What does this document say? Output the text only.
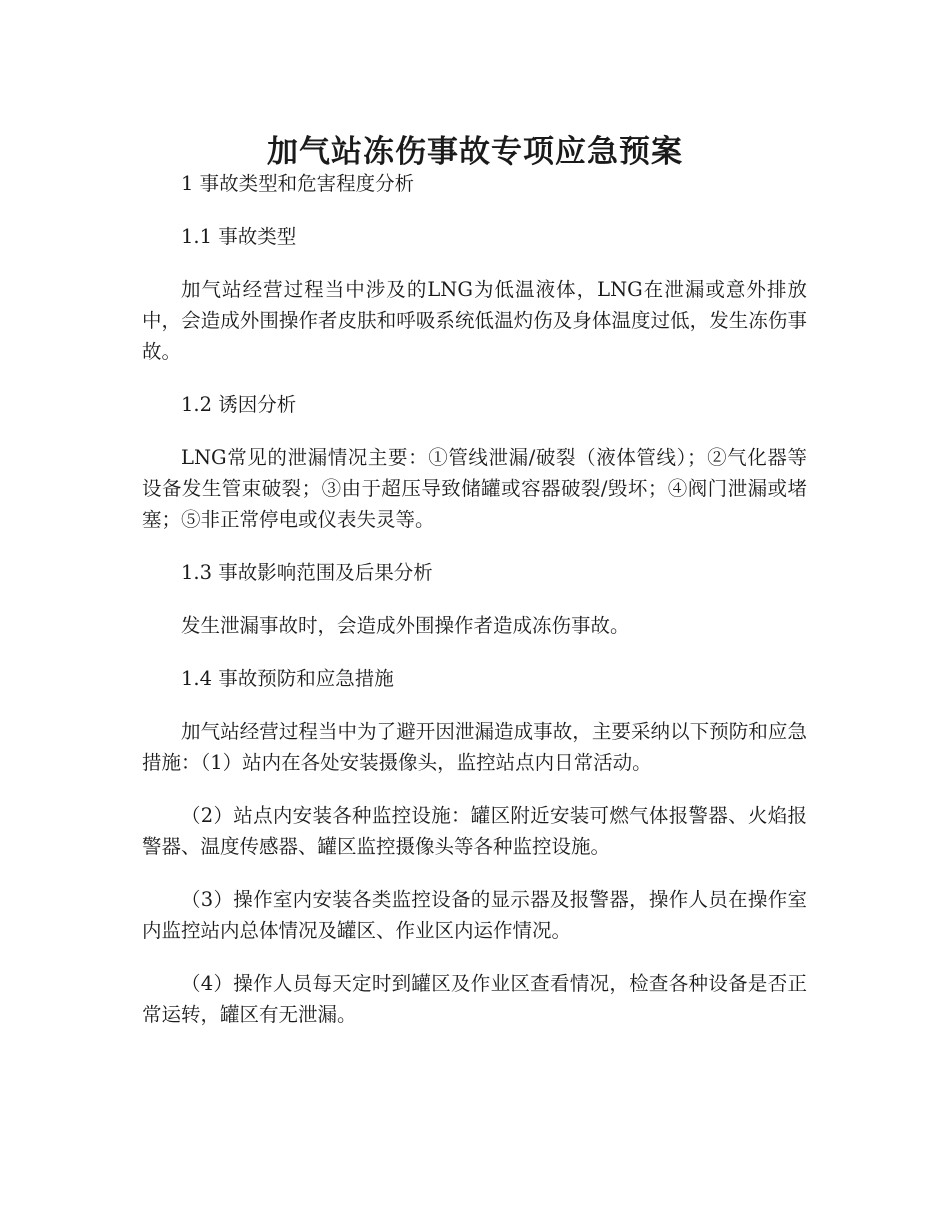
加气站冻伤事故专项应急预案

1 事故类型和危害程度分析

1.1 事故类型

加气站经营过程当中涉及的LNG为低温液体，LNG在泄漏或意外排放中，会造成外围操作者皮肤和呼吸系统低温灼伤及身体温度过低，发生冻伤事故。

1.2 诱因分析

LNG常见的泄漏情况主要：①管线泄漏/破裂（液体管线）；②气化器等设备发生管束破裂；③由于超压导致储罐或容器破裂/毁坏；④阀门泄漏或堵塞；⑤非正常停电或仪表失灵等。

1.3 事故影响范围及后果分析

发生泄漏事故时，会造成外围操作者造成冻伤事故。

1.4 事故预防和应急措施

加气站经营过程当中为了避开因泄漏造成事故，主要采纳以下预防和应急措施：（1）站内在各处安装摄像头，监控站点内日常活动。

（2）站点内安装各种监控设施：罐区附近安装可燃气体报警器、火焰报警器、温度传感器、罐区监控摄像头等各种监控设施。

（3）操作室内安装各类监控设备的显示器及报警器，操作人员在操作室内监控站内总体情况及罐区、作业区内运作情况。

（4）操作人员每天定时到罐区及作业区查看情况，检查各种设备是否正常运转，罐区有无泄漏。
